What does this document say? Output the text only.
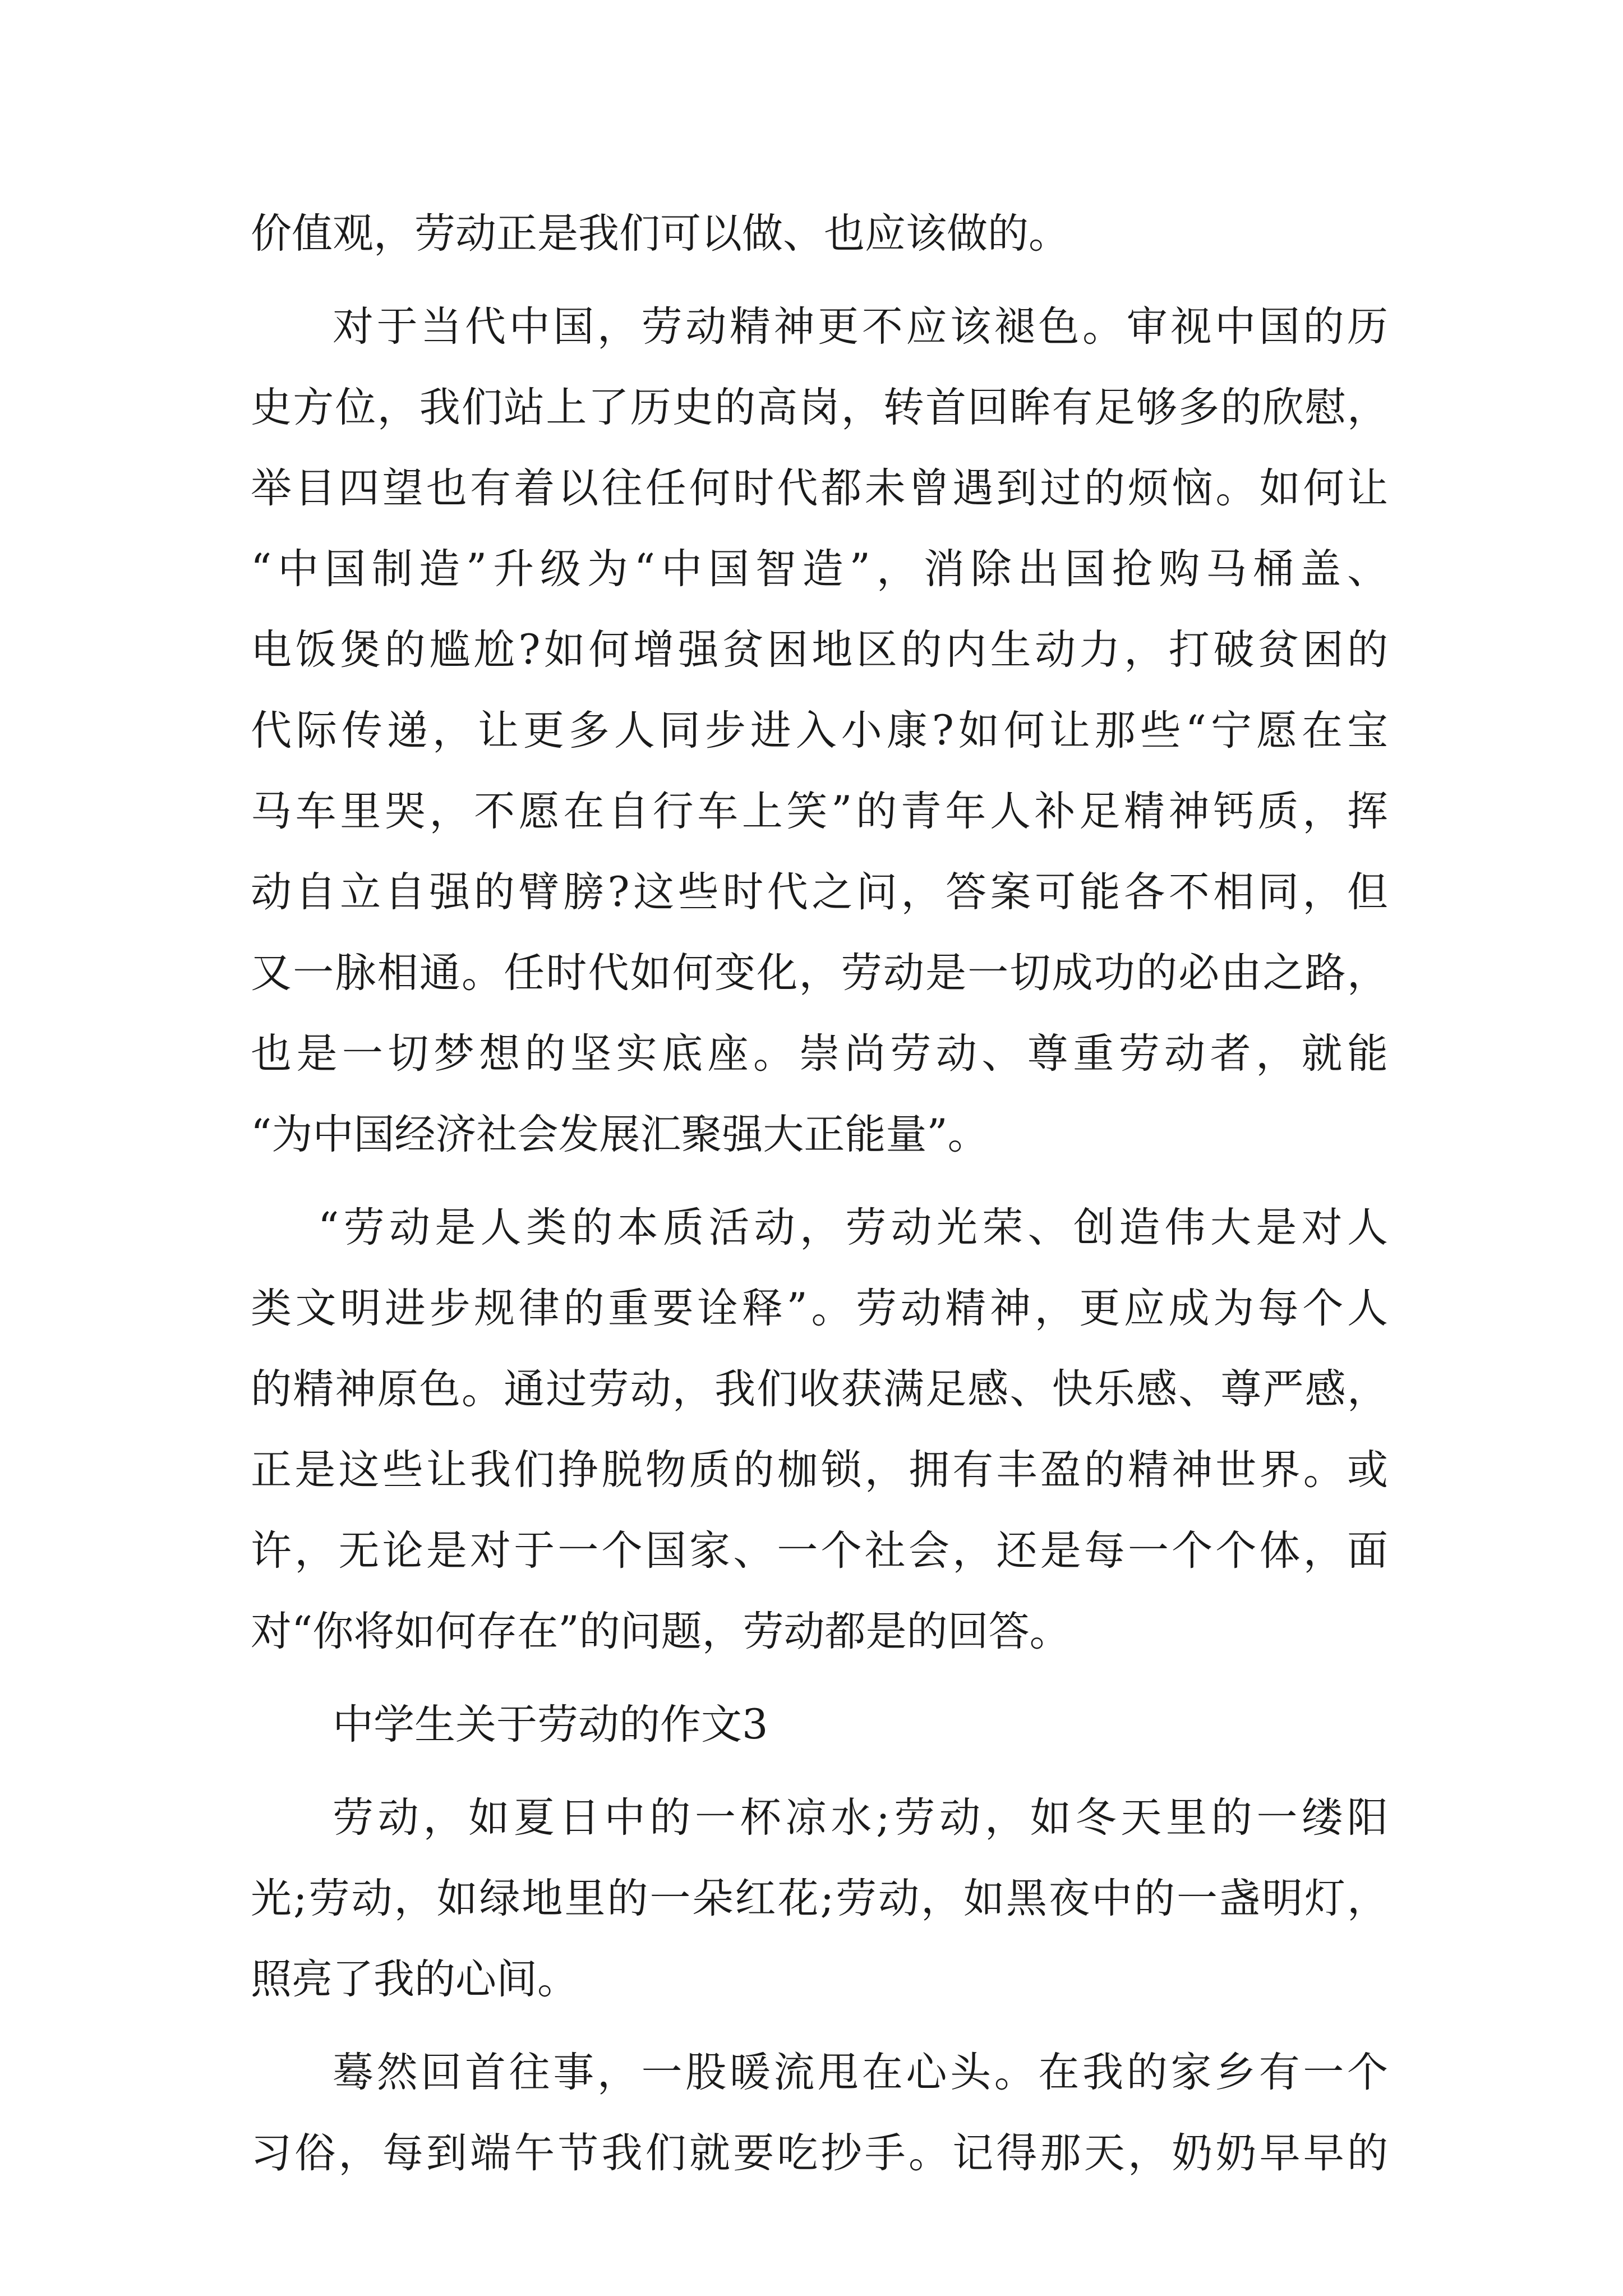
价值观，劳动正是我们可以做、也应该做的。
对于当代中国，劳动精神更不应该褪色。审视中国的历
史方位，我们站上了历史的高岗，转首回眸有足够多的欣慰，
举目四望也有着以往任何时代都未曾遇到过的烦恼。如何让
“中国制造”升级为“中国智造”，消除出国抢购马桶盖、
电饭煲的尴尬?如何增强贫困地区的内生动力，打破贫困的
代际传递，让更多人同步进入小康?如何让那些“宁愿在宝
马车里哭，不愿在自行车上笑”的青年人补足精神钙质，挥
动自立自强的臂膀?这些时代之问，答案可能各不相同，但
又一脉相通。任时代如何变化，劳动是一切成功的必由之路，
也是一切梦想的坚实底座。崇尚劳动、尊重劳动者，就能
“为中国经济社会发展汇聚强大正能量”。
“劳动是人类的本质活动，劳动光荣、创造伟大是对人
类文明进步规律的重要诠释”。劳动精神，更应成为每个人
的精神原色。通过劳动，我们收获满足感、快乐感、尊严感，
正是这些让我们挣脱物质的枷锁，拥有丰盈的精神世界。或
许，无论是对于一个国家、一个社会，还是每一个个体，面
对“你将如何存在”的问题，劳动都是的回答。
中学生关于劳动的作文3
劳动，如夏日中的一杯凉水;劳动，如冬天里的一缕阳
光;劳动，如绿地里的一朵红花;劳动，如黑夜中的一盏明灯，
照亮了我的心间。
蓦然回首往事，一股暖流甩在心头。在我的家乡有一个
习俗，每到端午节我们就要吃抄手。记得那天，奶奶早早的
